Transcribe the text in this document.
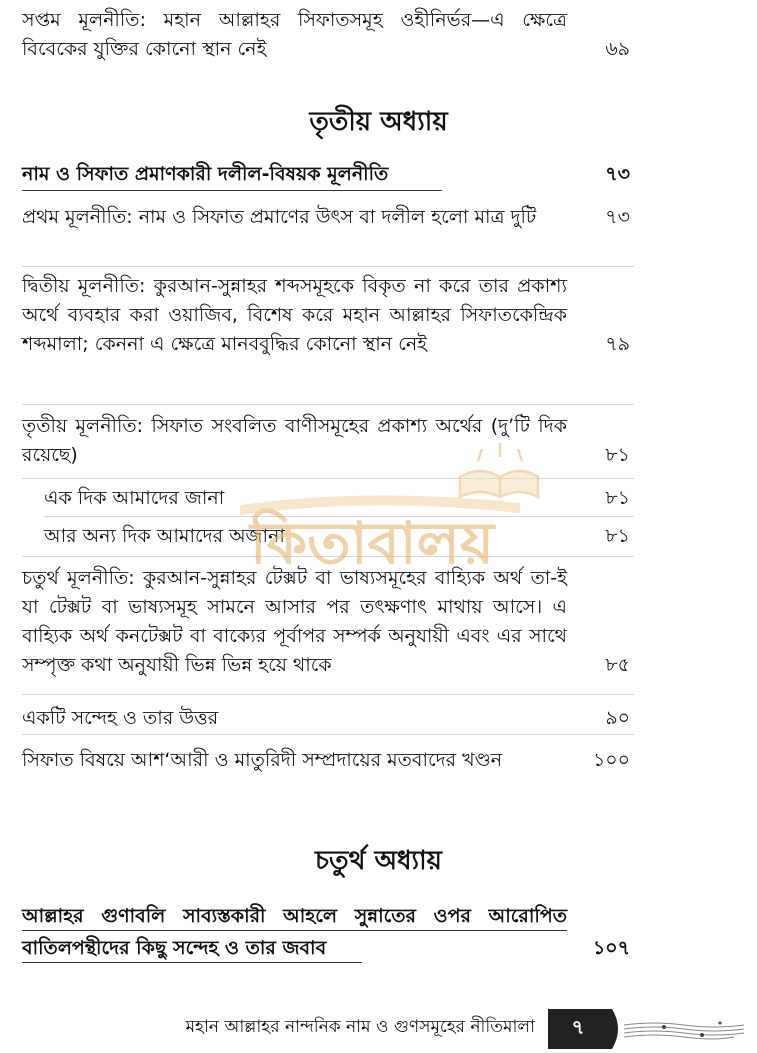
সপ্তম মূলনীতি: মহান আল্লাহর সিফাতসমূহ ওহীনির্ভর—এ ক্ষেত্রে বিবেকের যুক্তির কোনো স্থান নেই	৬৯
তৃতীয় অধ্যায়
নাম ও সিফাত প্রমাণকারী দলীল-বিষয়ক মূলনীতি	৭৩
প্রথম মূলনীতি: নাম ও সিফাত প্রমাণের উৎস বা দলীল হলো মাত্র দুটি	৭৩
দ্বিতীয় মূলনীতি: কুরআন-সুন্নাহর শব্দসমূহকে বিকৃত না করে তার প্রকাশ্য অর্থে ব্যবহার করা ওয়াজিব, বিশেষ করে মহান আল্লাহর সিফাতকেন্দ্রিক শব্দমালা; কেননা এ ক্ষেত্রে মানববুদ্ধির কোনো স্থান নেই	৭৯
তৃতীয় মূলনীতি: সিফাত সংবলিত বাণীসমূহের প্রকাশ্য অর্থের (দু’টি দিক রয়েছে)	৮১
এক দিক আমাদের জানা	৮১
আর অন্য দিক আমাদের অজানা	৮১
চতুর্থ মূলনীতি: কুরআন-সুন্নাহর টেক্সট বা ভাষ্যসমূহের বাহ্যিক অর্থ তা-ই যা টেক্সট বা ভাষ্যসমূহ সামনে আসার পর তৎক্ষণাৎ মাথায় আসে। এ বাহ্যিক অর্থ কনটেক্সট বা বাক্যের পূর্বাপর সম্পর্ক অনুযায়ী এবং এর সাথে সম্পৃক্ত কথা অনুযায়ী ভিন্ন ভিন্ন হয়ে থাকে	৮৫
একটি সন্দেহ ও তার উত্তর	৯০
সিফাত বিষয়ে আশ‘আরী ও মাতুরিদী সম্প্রদায়ের মতবাদের খণ্ডন	১০০
চতুর্থ অধ্যায়
আল্লাহর গুণাবলি সাব্যস্তকারী আহলে সুন্নাতের ওপর আরোপিত বাতিলপন্থীদের কিছু সন্দেহ ও তার জবাব	১০৭
কিতাবালয়
মহান আল্লাহর নান্দনিক নাম ও গুণসমূহের নীতিমালা	৭
